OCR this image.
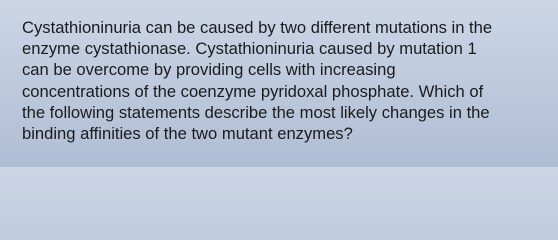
Cystathioninuria can be caused by two different mutations in the
enzyme cystathionase. Cystathioninuria caused by mutation 1
can be overcome by providing cells with increasing
concentrations of the coenzyme pyridoxal phosphate. Which of
the following statements describe the most likely changes in the
binding affinities of the two mutant enzymes?
